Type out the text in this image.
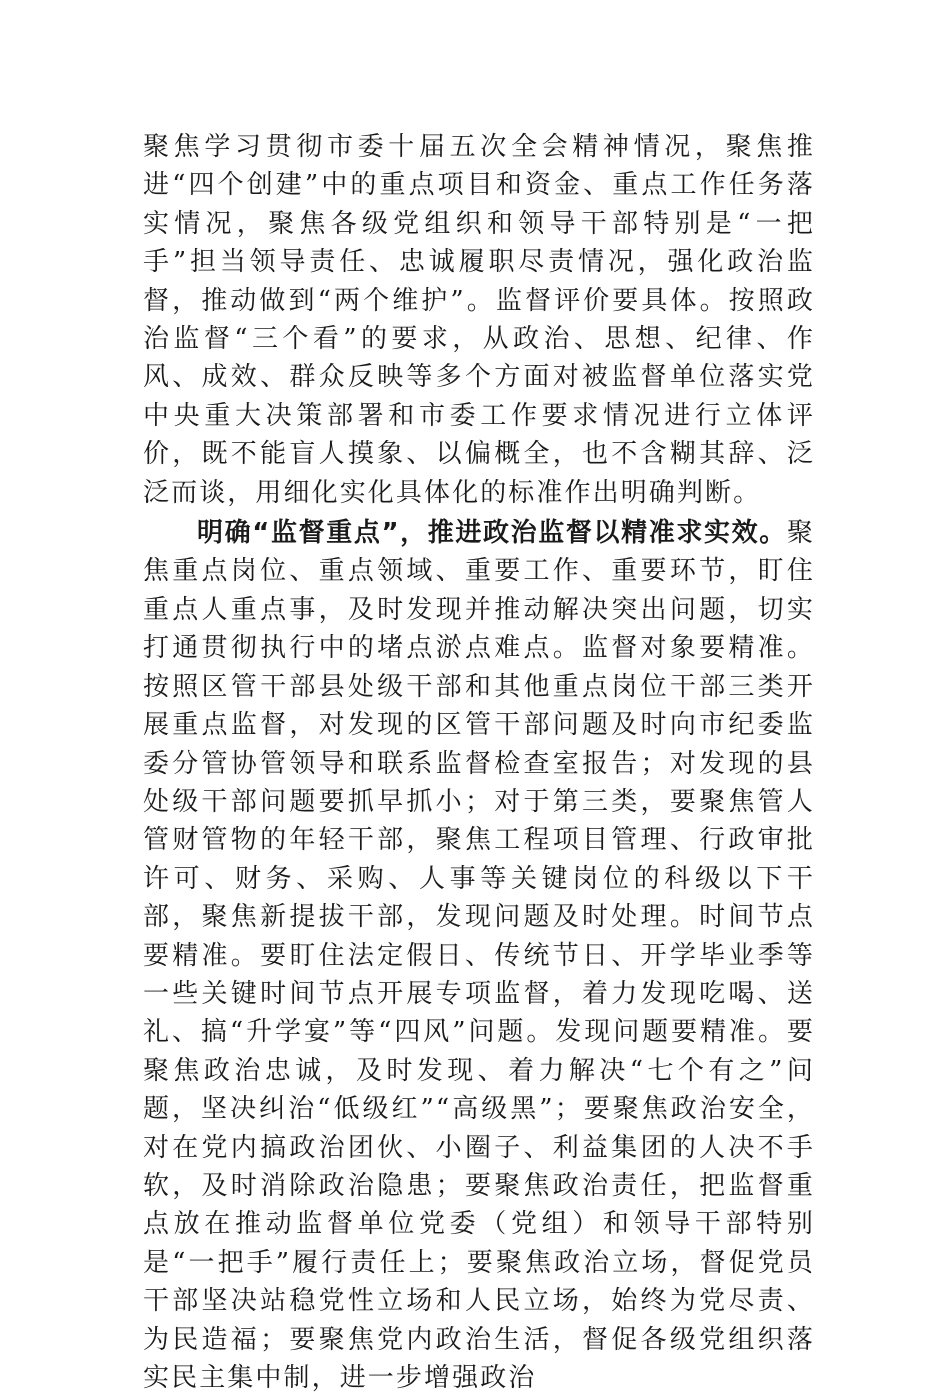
聚焦学习贯彻市委十届五次全会精神情况，聚焦推进“四个创建”中的重点项目和资金、重点工作任务落实情况，聚焦各级党组织和领导干部特别是“一把手”担当领导责任、忠诚履职尽责情况，强化政治监督，推动做到“两个维护”。监督评价要具体。按照政治监督“三个看”的要求，从政治、思想、纪律、作风、成效、群众反映等多个方面对被监督单位落实党中央重大决策部署和市委工作要求情况进行立体评价，既不能盲人摸象、以偏概全，也不含糊其辞、泛泛而谈，用细化实化具体化的标准作出明确判断。

明确“监督重点”，推进政治监督以精准求实效。聚焦重点岗位、重点领域、重要工作、重要环节，盯住重点人重点事，及时发现并推动解决突出问题，切实打通贯彻执行中的堵点淤点难点。监督对象要精准。按照区管干部县处级干部和其他重点岗位干部三类开展重点监督，对发现的区管干部问题及时向市纪委监委分管协管领导和联系监督检查室报告；对发现的县处级干部问题要抓早抓小；对于第三类，要聚焦管人管财管物的年轻干部，聚焦工程项目管理、行政审批许可、财务、采购、人事等关键岗位的科级以下干部，聚焦新提拔干部，发现问题及时处理。时间节点要精准。要盯住法定假日、传统节日、开学毕业季等一些关键时间节点开展专项监督，着力发现吃喝、送礼、搞“升学宴”等“四风”问题。发现问题要精准。要聚焦政治忠诚，及时发现、着力解决“七个有之”问题，坚决纠治“低级红”“高级黑”；要聚焦政治安全，对在党内搞政治团伙、小圈子、利益集团的人决不手软，及时消除政治隐患；要聚焦政治责任，把监督重点放在推动监督单位党委（党组）和领导干部特别是“一把手”履行责任上；要聚焦政治立场，督促党员干部坚决站稳党性立场和人民立场，始终为党尽责、为民造福；要聚焦党内政治生活，督促各级党组织落实民主集中制，进一步增强政治
